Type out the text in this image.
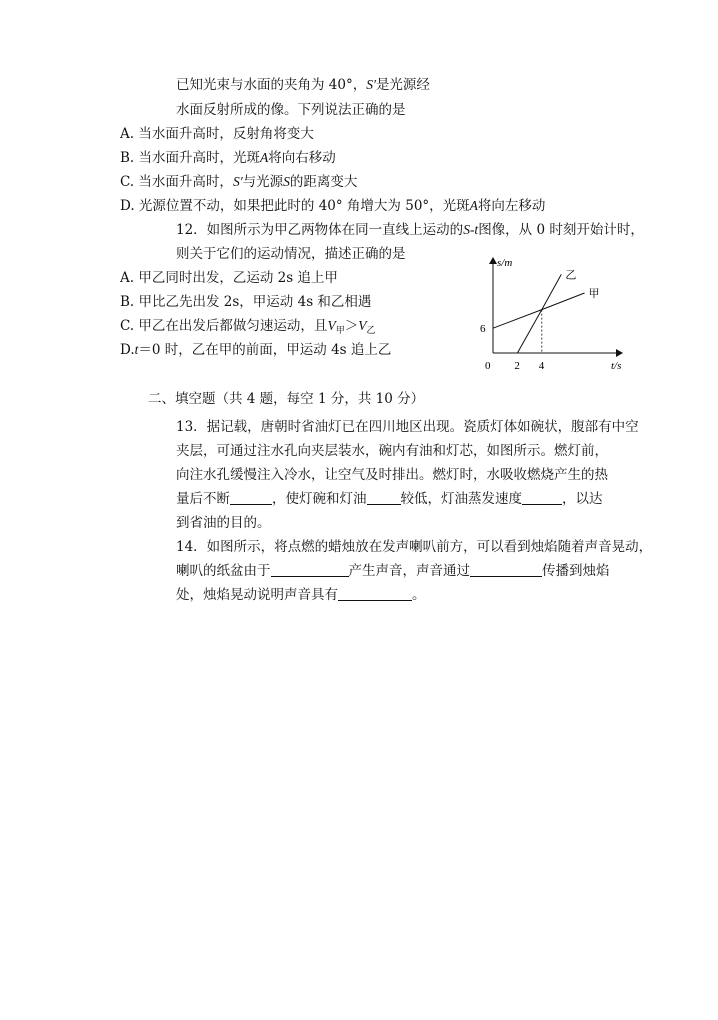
已知光束与水面的夹角为 40°，S′是光源经
水面反射所成的像。下列说法正确的是
A. 当水面升高时，反射角将变大
B. 当水面升高时，光斑A将向右移动
C. 当水面升高时，S′与光源S的距离变大
D. 光源位置不动，如果把此时的 40° 角增大为 50°，光斑A将向左移动
12．如图所示为甲乙两物体在同一直线上运动的S-t图像，从 0 时刻开始计时，
则关于它们的运动情况，描述正确的是
A. 甲乙同时出发，乙运动 2s 追上甲
B. 甲比乙先出发 2s，甲运动 4s 和乙相遇
C. 甲乙在出发后都做匀速运动，且$V_甲>V_乙$
D.t＝0 时，乙在甲的前面，甲运动 4s 追上乙
2 4
6
甲
乙
s/m
t/s
0
二、填空题（共 4 题，每空 1 分，共 10 分）
13．据记载，唐朝时省油灯已在四川地区出现。瓷质灯体如碗状，腹部有中空
夹层，可通过注水孔向夹层装水，碗内有油和灯芯，如图所示。燃灯前，
向注水孔缓慢注入冷水，让空气及时排出。燃灯时，水吸收燃烧产生的热
量后不断	，使灯碗和灯油	较低，灯油蒸发速度	，以达
到省油的目的。
14．如图所示，将点燃的蜡烛放在发声喇叭前方，可以看到烛焰随着声音晃动，
喇叭的纸盆由于	产生声音，声音通过	传播到烛焰
处，烛焰晃动说明声音具有	。
